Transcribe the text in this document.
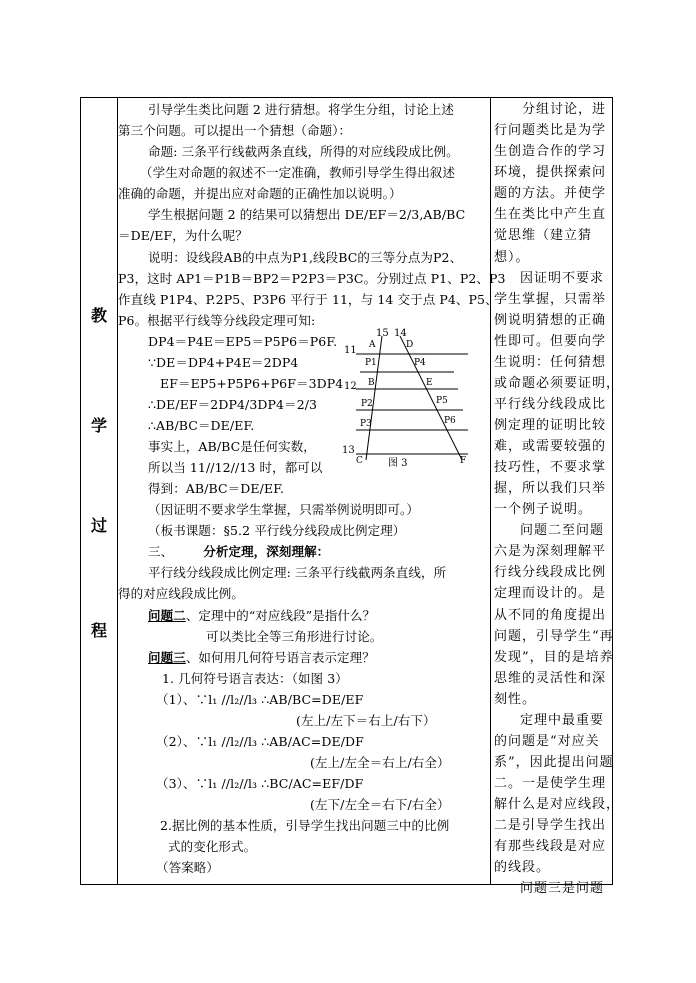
教
学
过
程
引导学生类比问题 2 进行猜想。将学生分组，讨论上述
第三个问题。可以提出一个猜想（命题）：
命题: 三条平行线截两条直线，所得的对应线段成比例。
（学生对命题的叙述不一定准确，教师引导学生得出叙述
准确的命题，并提出应对命题的正确性加以说明。）
学生根据问题 2 的结果可以猜想出 DE/EF＝2/3,AB/BC
＝DE/EF，为什么呢？
说明：设线段AB的中点为P1,线段BC的三等分点为P2、
P3，这时 AP1＝P1B＝BP2＝P2P3＝P3C。分别过点 P1、P2、P3
作直线 P1P4、P.2P5、P3P6 平行于 11，与 14 交于点 P4、P5、
P6。根据平行线等分线段定理可知:
DP4＝P4E＝EP5＝P5P6＝P6F.
∵DE＝DP4+P4E＝2DP4
EF＝EP5+P5P6+P6F＝3DP4
∴DE/EF＝2DP4/3DP4＝2/3
∴AB/BC＝DE/EF.
事实上，AB/BC是任何实数，
所以当 11//12//13 时，都可以
得到：AB/BC＝DE/EF.
（因证明不要求学生掌握，只需举例说明即可。）
（板书课题：§5.2 平行线分线段成比例定理）
三、 分析定理，深刻理解：
平行线分线段成比例定理: 三条平行线截两条直线，所
得的对应线段成比例。
问题二、定理中的“对应线段”是指什么？
可以类比全等三角形进行讨论。
问题三、如何用几何符号语言表示定理？
1. 几何符号语言表达：（如图 3）
（1）、∵l₁ //l₂//l₃ ∴AB/BC=DE/EF
(左上/左下＝右上/右下）
（2）、∵l₁ //l₂//l₃ ∴AB/AC=DE/DF
(左上/左全＝右上/右全）
（3）、∵l₁ //l₂//l₃ ∴BC/AC=EF/DF
(左下/左全＝右下/右全）
2.据比例的基本性质，引导学生找出问题三中的比例
式的变化形式。
（答案略）
15 14
11
12
13
A	D
P1	P4
B	E
P2	P5
P3	P6
C	F
图 3
分组讨论，进
行问题类比是为学
生创造合作的学习
环境，提供探索问
题的方法。并使学
生在类比中产生直
觉思维（建立猜
想）。
因证明不要求
学生掌握，只需举
例说明猜想的正确
性即可。但要向学
生说明：任何猜想
或命题必须要证明，
平行线分线段成比
例定理的证明比较
难，或需要较强的
技巧性，不要求掌
握，所以我们只举
一个例子说明。
问题二至问题
六是为深刻理解平
行线分线段成比例
定理而设计的。是
从不同的角度提出
问题，引导学生“再
发现”，目的是培养
思维的灵活性和深
刻性。
定理中最重要
的问题是“对应关
系”，因此提出问题
二。一是使学生理
解什么是对应线段，
二是引导学生找出
有那些线段是对应
的线段。
问题三是问题
